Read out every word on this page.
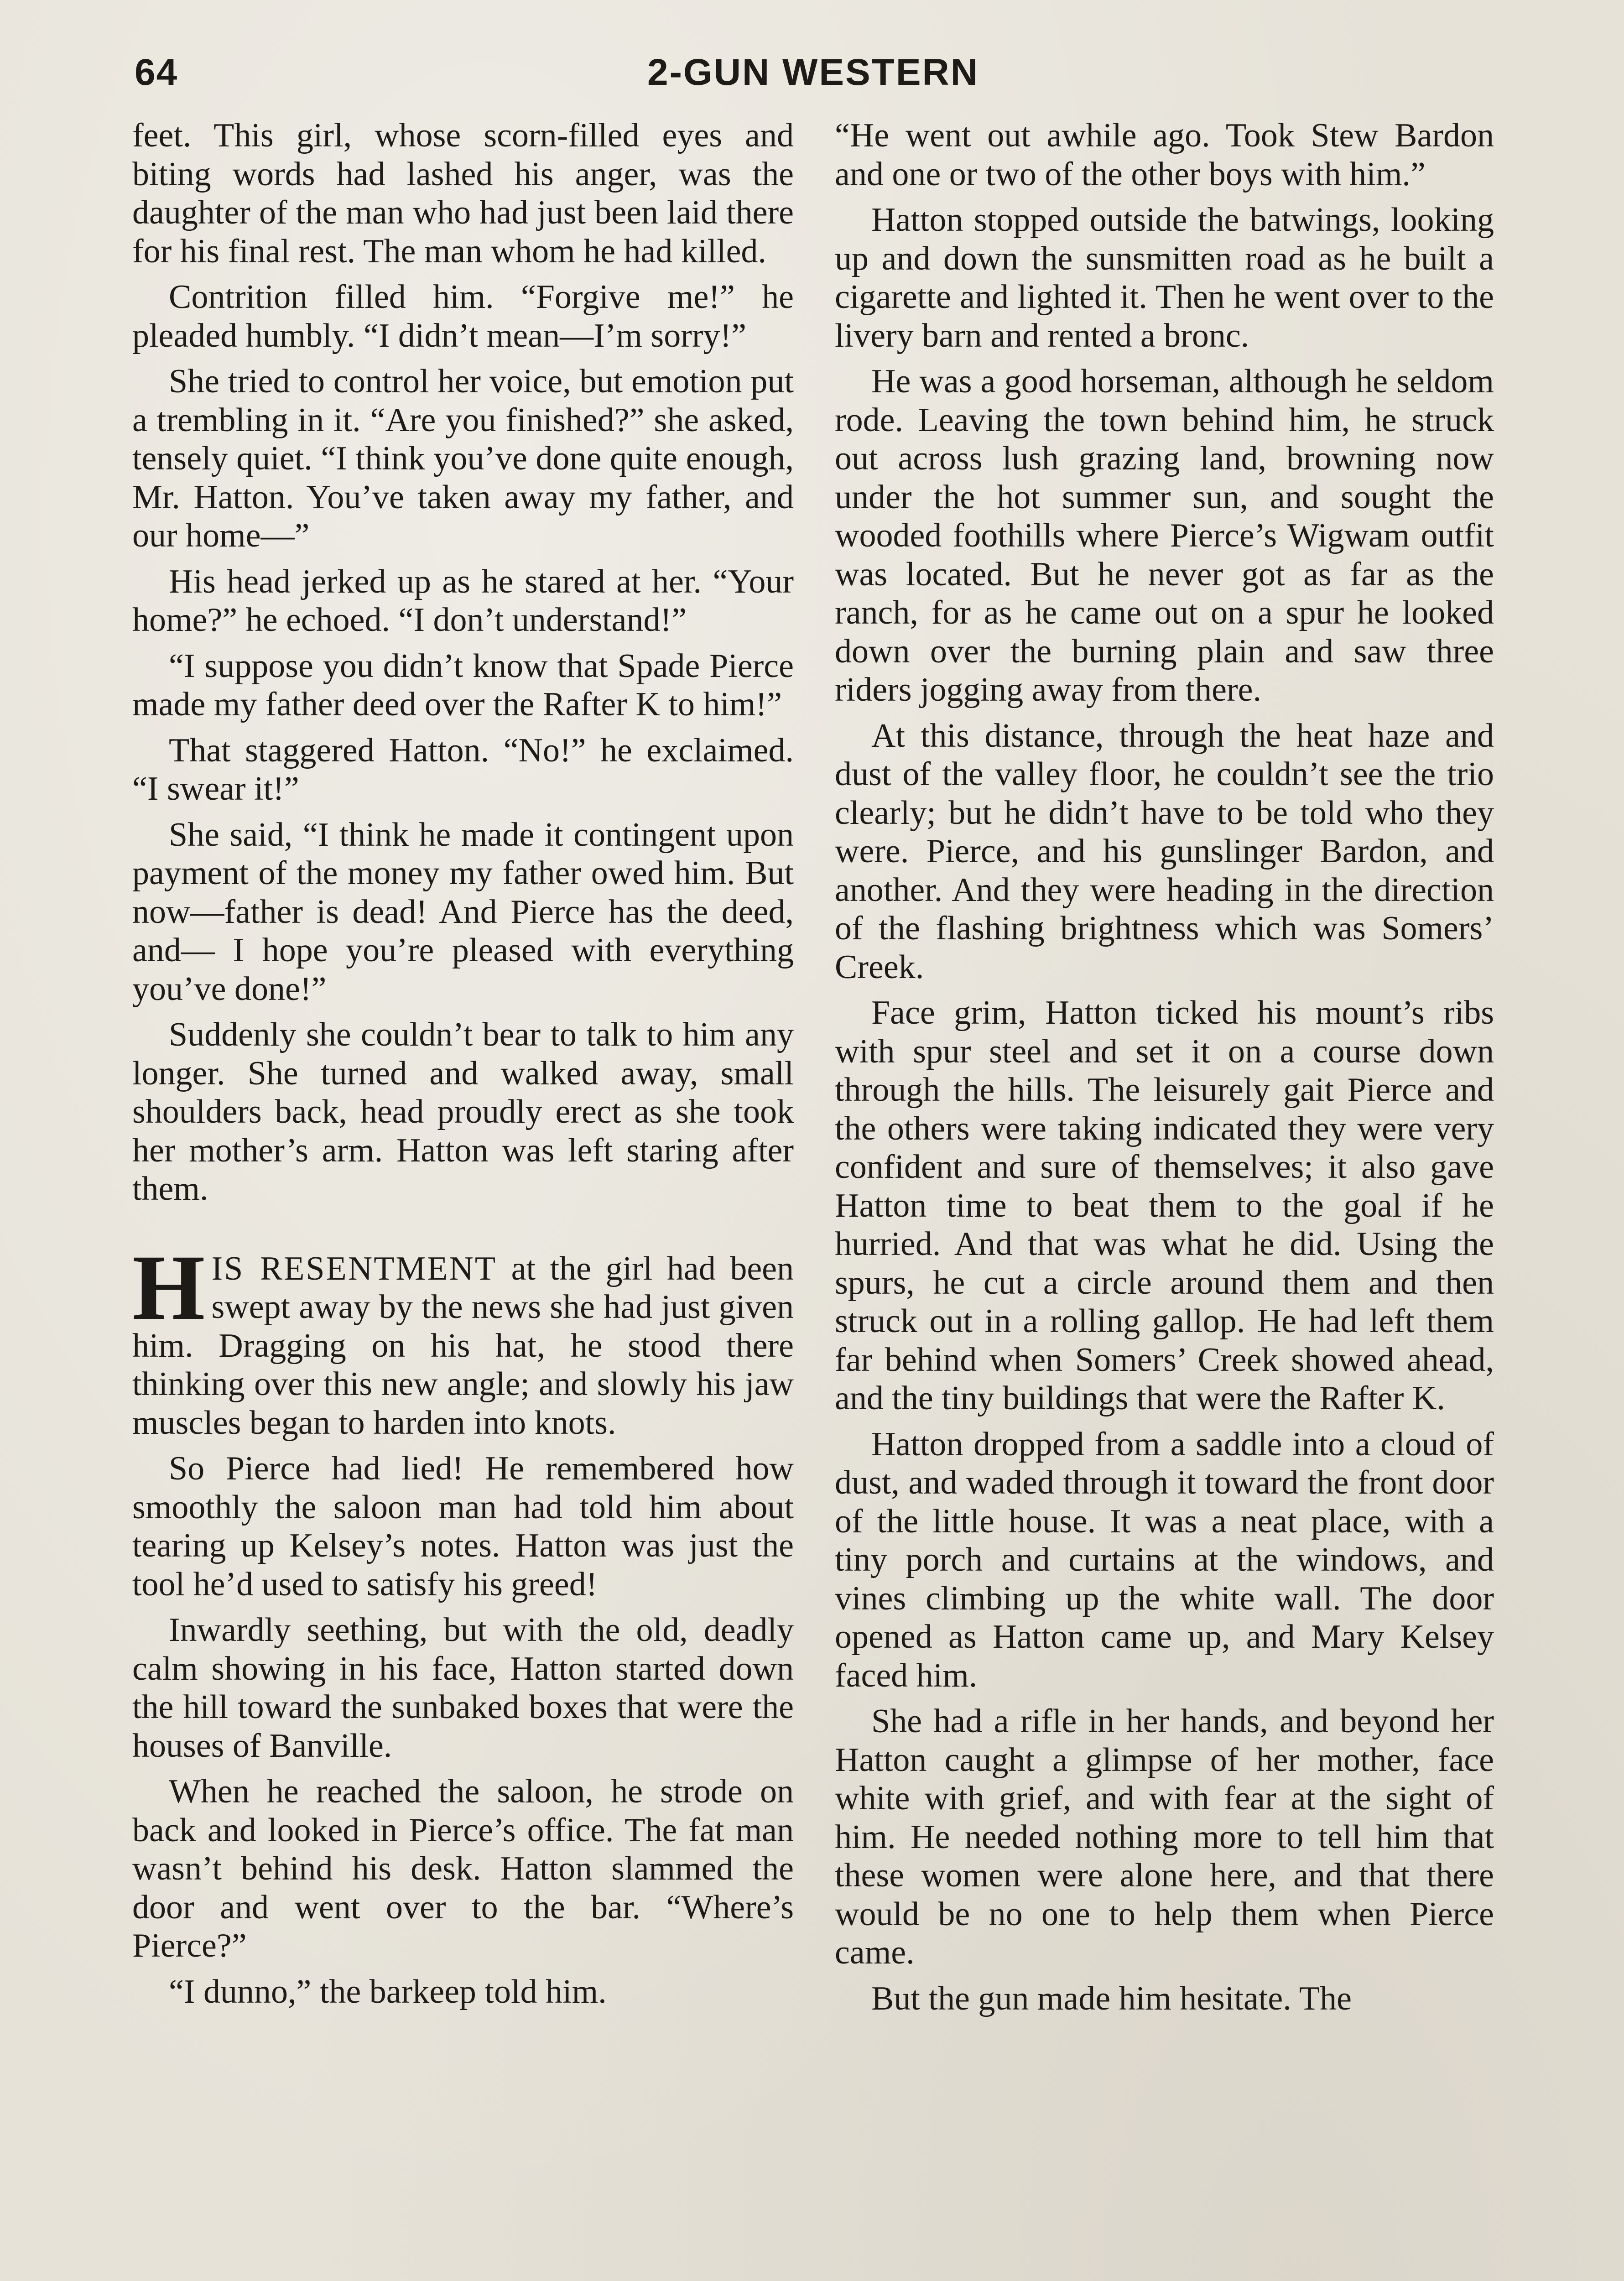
64	2-GUN WESTERN

feet. This girl, whose scorn-filled eyes and biting words had lashed his anger, was the daughter of the man who had just been laid there for his final rest. The man whom he had killed.

Contrition filled him. “Forgive me!” he pleaded humbly. “I didn’t mean—I’m sorry!”

She tried to control her voice, but emotion put a trembling in it. “Are you finished?” she asked, tensely quiet. “I think you’ve done quite enough, Mr. Hatton. You’ve taken away my father, and our home—”

His head jerked up as he stared at her. “Your home?” he echoed. “I don’t understand!”

“I suppose you didn’t know that Spade Pierce made my father deed over the Rafter K to him!”

That staggered Hatton. “No!” he exclaimed. “I swear it!”

She said, “I think he made it contingent upon payment of the money my father owed him. But now—father is dead! And Pierce has the deed, and— I hope you’re pleased with everything you’ve done!”

Suddenly she couldn’t bear to talk to him any longer. She turned and walked away, small shoulders back, head proudly erect as she took her mother’s arm. Hatton was left staring after them.

HIS RESENTMENT at the girl had been swept away by the news she had just given him. Dragging on his hat, he stood there thinking over this new angle; and slowly his jaw muscles began to harden into knots.

So Pierce had lied! He remembered how smoothly the saloon man had told him about tearing up Kelsey’s notes. Hatton was just the tool he’d used to satisfy his greed!

Inwardly seething, but with the old, deadly calm showing in his face, Hatton started down the hill toward the sunbaked boxes that were the houses of Banville.

When he reached the saloon, he strode on back and looked in Pierce’s office. The fat man wasn’t behind his desk. Hatton slammed the door and went over to the bar. “Where’s Pierce?”

“I dunno,” the barkeep told him.

“He went out awhile ago. Took Stew Bardon and one or two of the other boys with him.”

Hatton stopped outside the batwings, looking up and down the sunsmitten road as he built a cigarette and lighted it. Then he went over to the livery barn and rented a bronc.

He was a good horseman, although he seldom rode. Leaving the town behind him, he struck out across lush grazing land, browning now under the hot summer sun, and sought the wooded foothills where Pierce’s Wigwam outfit was located. But he never got as far as the ranch, for as he came out on a spur he looked down over the burning plain and saw three riders jogging away from there.

At this distance, through the heat haze and dust of the valley floor, he couldn’t see the trio clearly; but he didn’t have to be told who they were. Pierce, and his gunslinger Bardon, and another. And they were heading in the direction of the flashing brightness which was Somers’ Creek.

Face grim, Hatton ticked his mount’s ribs with spur steel and set it on a course down through the hills. The leisurely gait Pierce and the others were taking indicated they were very confident and sure of themselves; it also gave Hatton time to beat them to the goal if he hurried. And that was what he did. Using the spurs, he cut a circle around them and then struck out in a rolling gallop. He had left them far behind when Somers’ Creek showed ahead, and the tiny buildings that were the Rafter K.

Hatton dropped from a saddle into a cloud of dust, and waded through it toward the front door of the little house. It was a neat place, with a tiny porch and curtains at the windows, and vines climbing up the white wall. The door opened as Hatton came up, and Mary Kelsey faced him.

She had a rifle in her hands, and beyond her Hatton caught a glimpse of her mother, face white with grief, and with fear at the sight of him. He needed nothing more to tell him that these women were alone here, and that there would be no one to help them when Pierce came.

But the gun made him hesitate. The
